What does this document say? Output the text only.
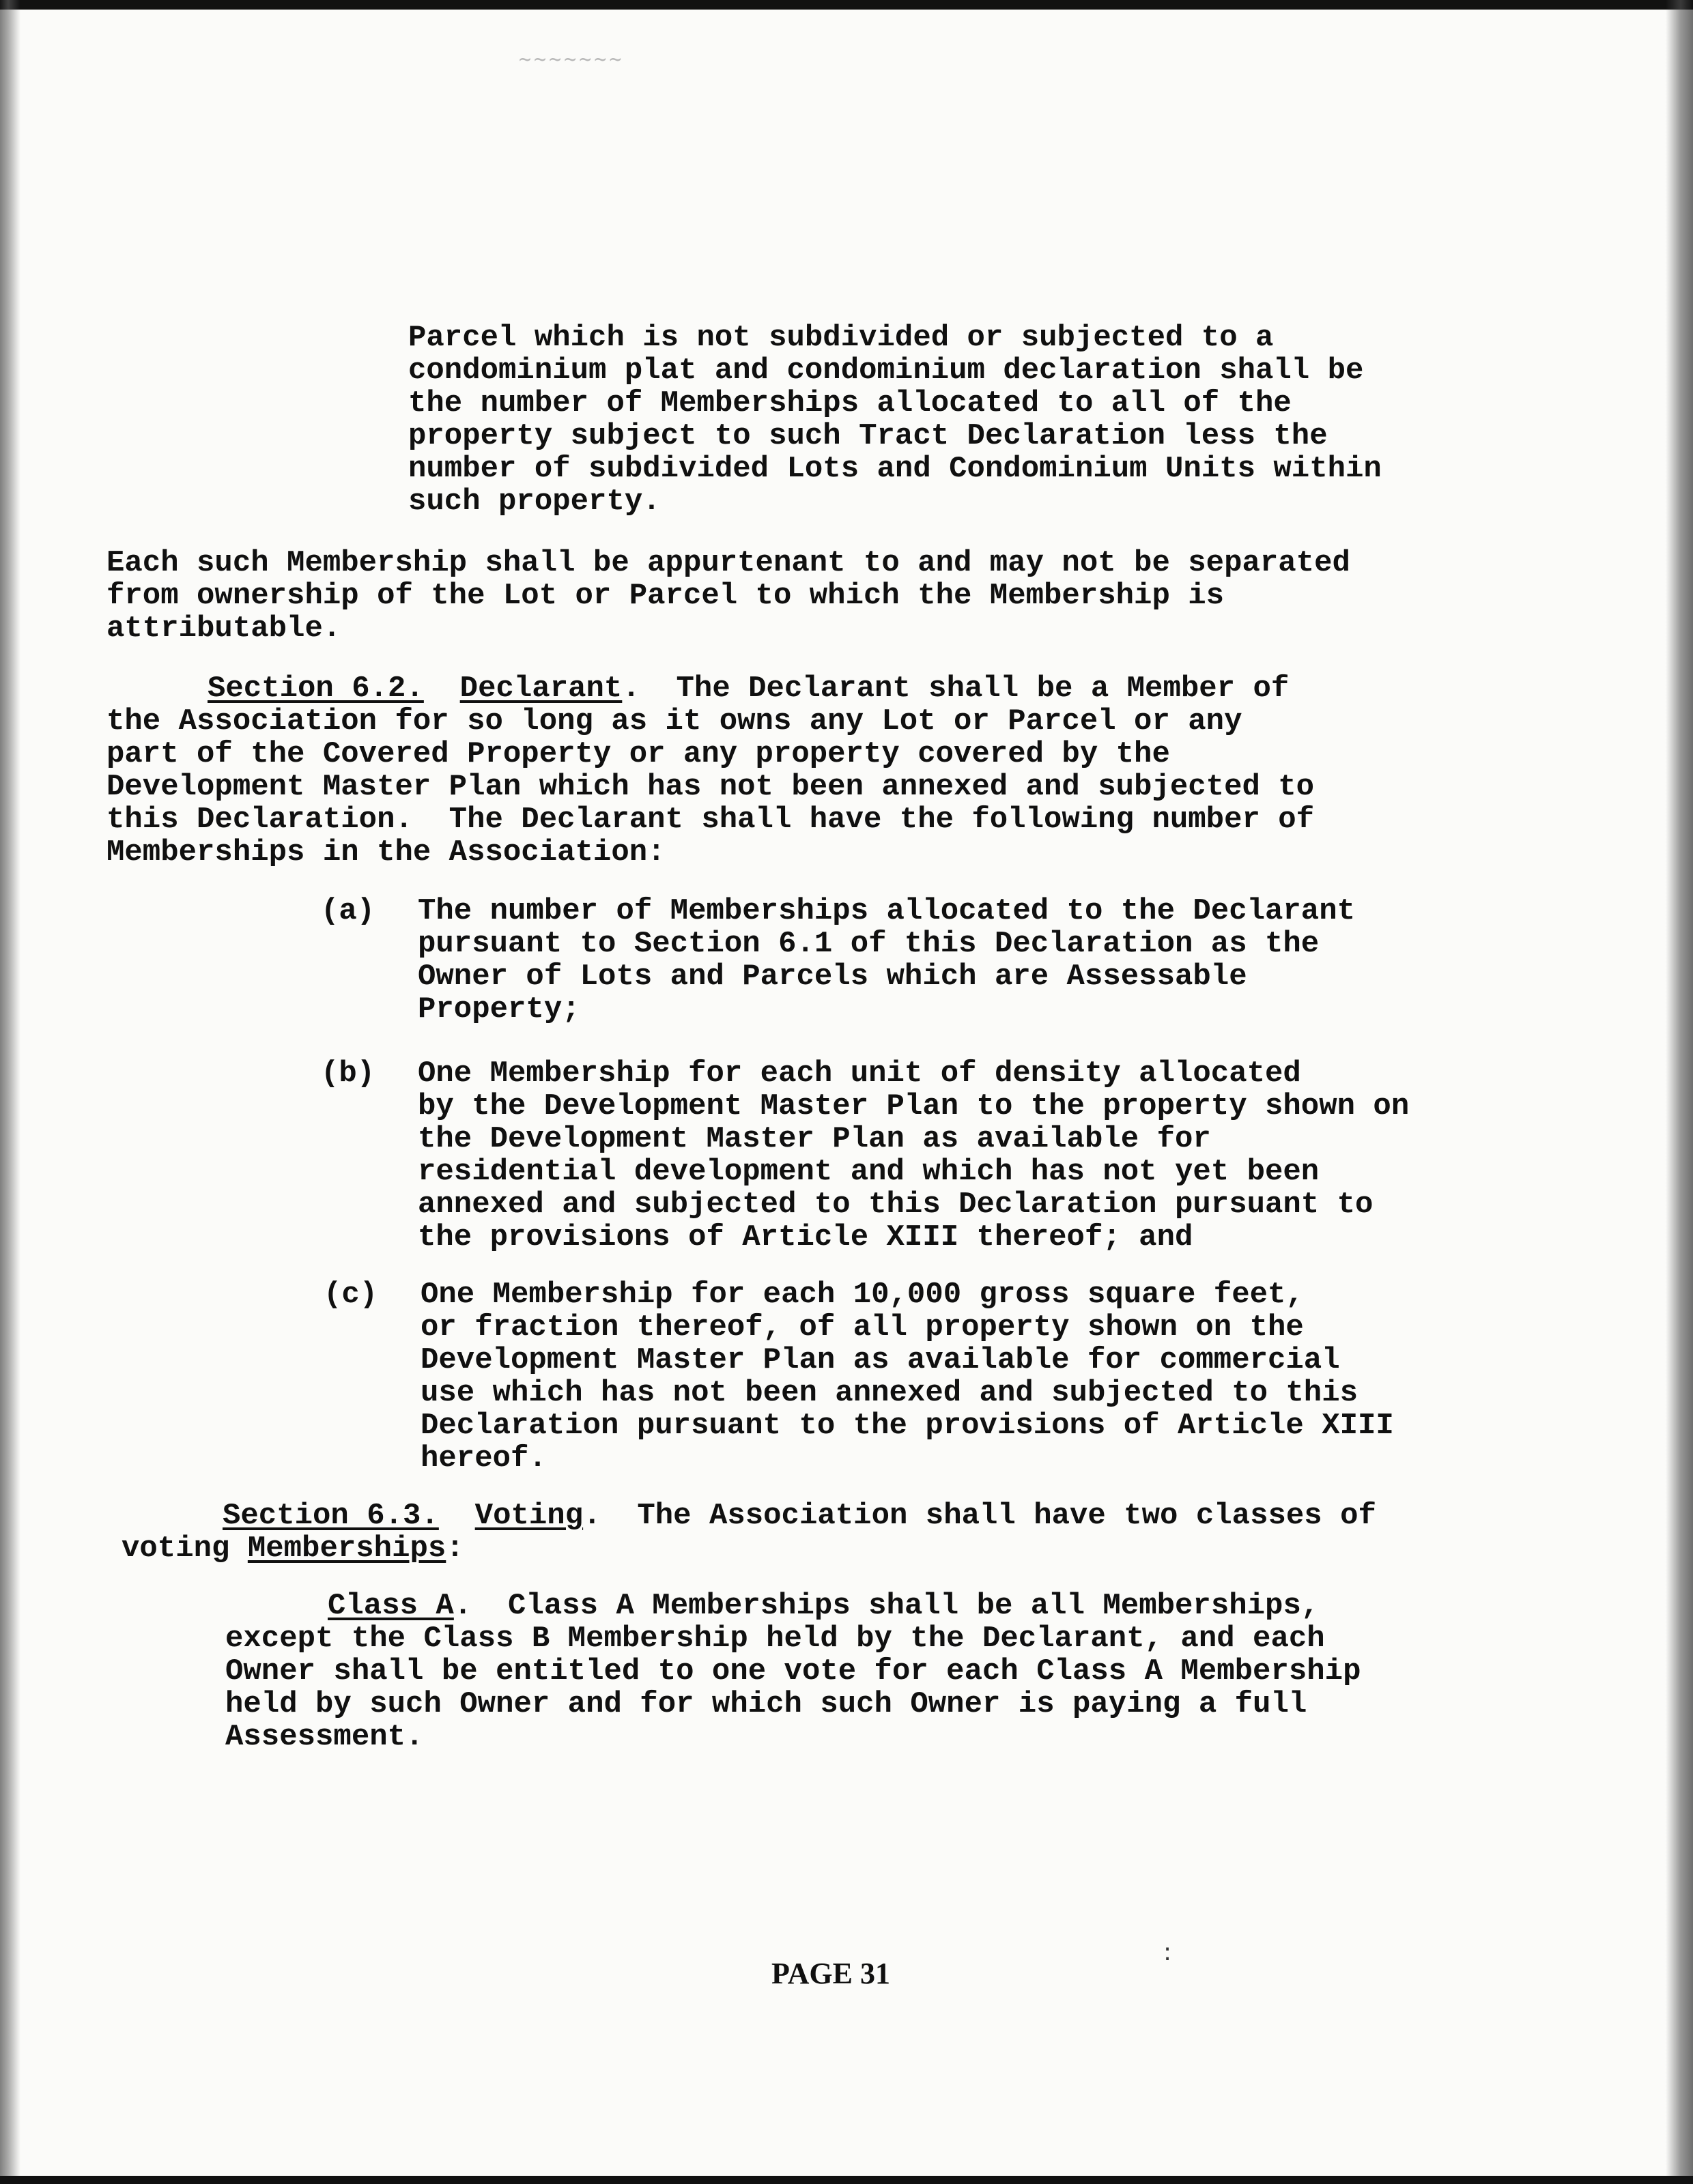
~~~~~~~
Parcel which is not subdivided or subjected to a
condominium plat and condominium declaration shall be
the number of Memberships allocated to all of the
property subject to such Tract Declaration less the
number of subdivided Lots and Condominium Units within
such property.
Each such Membership shall be appurtenant to and may not be separated
from ownership of the Lot or Parcel to which the Membership is
attributable.
Section 6.2. Declarant.  The Declarant shall be a Member of
the Association for so long as it owns any Lot or Parcel or any
part of the Covered Property or any property covered by the
Development Master Plan which has not been annexed and subjected to
this Declaration.  The Declarant shall have the following number of
Memberships in the Association:
(a) The number of Memberships allocated to the Declarant
pursuant to Section 6.1 of this Declaration as the
Owner of Lots and Parcels which are Assessable
Property;
(b) One Membership for each unit of density allocated
by the Development Master Plan to the property shown on
the Development Master Plan as available for
residential development and which has not yet been
annexed and subjected to this Declaration pursuant to
the provisions of Article XIII thereof; and
(c) One Membership for each 10,000 gross square feet,
or fraction thereof, of all property shown on the
Development Master Plan as available for commercial
use which has not been annexed and subjected to this
Declaration pursuant to the provisions of Article XIII
hereof.
Section 6.3. Voting.  The Association shall have two classes of
voting Memberships:
Class A.  Class A Memberships shall be all Memberships,
except the Class B Membership held by the Declarant, and each
Owner shall be entitled to one vote for each Class A Membership
held by such Owner and for which such Owner is paying a full
Assessment.
:
PAGE 31
